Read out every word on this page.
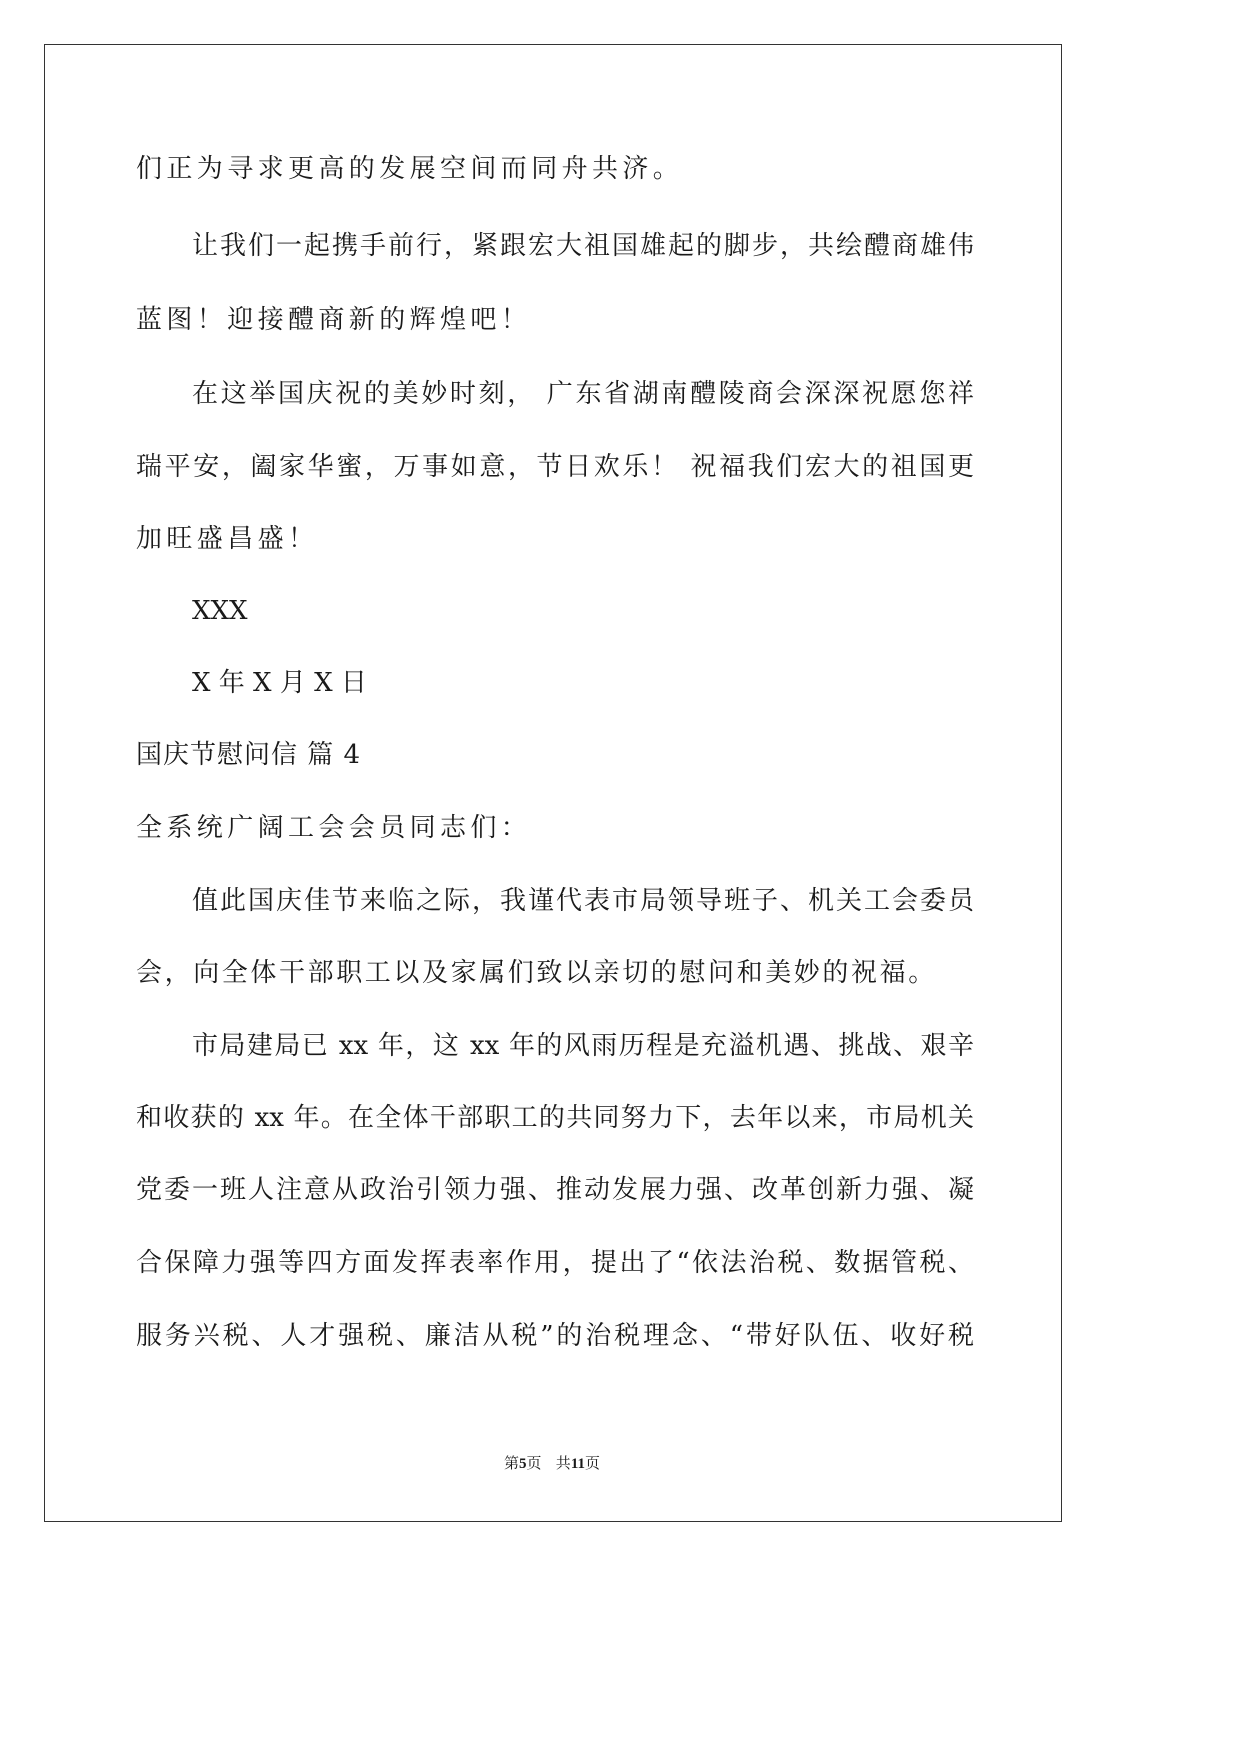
们正为寻求更高的发展空间而同舟共济。
让我们一起携手前行，紧跟宏大祖国雄起的脚步，共绘醴商雄伟
蓝图！迎接醴商新的辉煌吧！
在这举国庆祝的美妙时刻， 广东省湖南醴陵商会深深祝愿您祥
瑞平安，阖家华蜜，万事如意，节日欢乐！ 祝福我们宏大的祖国更
加旺盛昌盛！
XXX
X 年 X 月 X 日
国庆节慰问信 篇 4
全系统广阔工会会员同志们：
值此国庆佳节来临之际，我谨代表市局领导班子、机关工会委员
会，向全体干部职工以及家属们致以亲切的慰问和美妙的祝福。
市局建局已 xx 年，这 xx 年的风雨历程是充溢机遇、挑战、艰辛
和收获的 xx 年。在全体干部职工的共同努力下，去年以来，市局机关
党委一班人注意从政治引领力强、推动发展力强、改革创新力强、凝
合保障力强等四方面发挥表率作用，提出了“依法治税、数据管税、
服务兴税、人才强税、廉洁从税”的治税理念、“带好队伍、收好税
第5页   共11页
